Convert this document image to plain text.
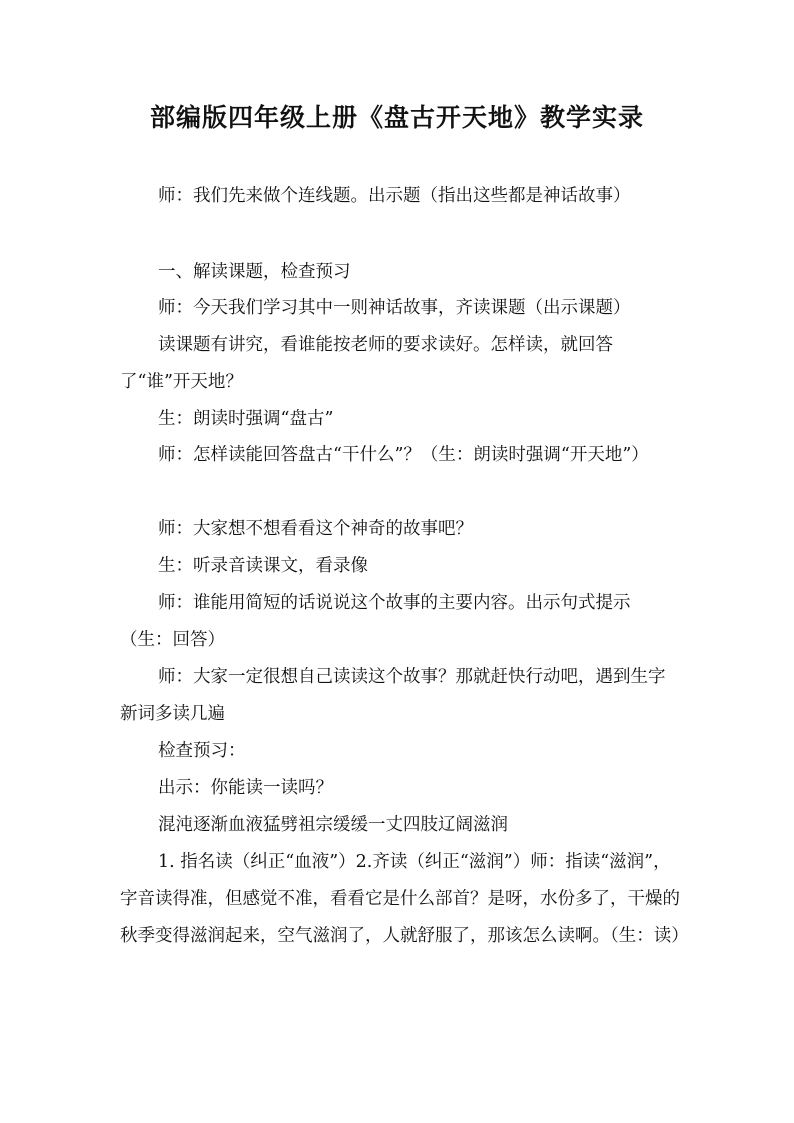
部编版四年级上册《盘古开天地》教学实录

师：我们先来做个连线题。出示题（指出这些都是神话故事）

一、解读课题，检查预习

师：今天我们学习其中一则神话故事，齐读课题（出示课题）

读课题有讲究，看谁能按老师的要求读好。怎样读，就回答了“谁”开天地？

生：朗读时强调“盘古”

师：怎样读能回答盘古“干什么”？（生：朗读时强调“开天地”）

师：大家想不想看看这个神奇的故事吧？

生：听录音读课文，看录像

师：谁能用简短的话说说这个故事的主要内容。出示句式提示（生：回答）

师：大家一定很想自己读读这个故事？那就赶快行动吧，遇到生字新词多读几遍

检查预习：

出示：你能读一读吗？

混沌逐渐血液猛劈祖宗缓缓一丈四肢辽阔滋润

1. 指名读（纠正“血液”）2.齐读（纠正“滋润”）师：指读“滋润”，字音读得准，但感觉不准，看看它是什么部首？是呀，水份多了，干燥的秋季变得滋润起来，空气滋润了，人就舒服了，那该怎么读啊。（生：读）
